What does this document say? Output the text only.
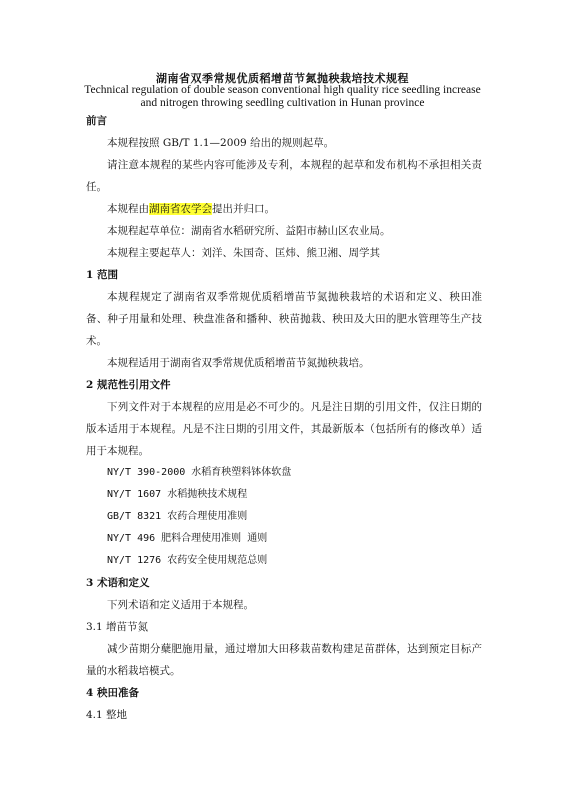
湖南省双季常规优质稻增苗节氮抛秧栽培技术规程
Technical regulation of double season conventional high quality rice seedling increase and nitrogen throwing seedling cultivation in Hunan province

前言

本规程按照 GB/T 1.1—2009 给出的规则起草。

请注意本规程的某些内容可能涉及专利，本规程的起草和发布机构不承担相关责任。

本规程由湖南省农学会提出并归口。

本规程起草单位：湖南省水稻研究所、益阳市赫山区农业局。

本规程主要起草人：刘洋、朱国奇、匡炜、熊卫湘、周学其

1 范围

本规程规定了湖南省双季常规优质稻增苗节氮抛秧栽培的术语和定义、秧田准备、种子用量和处理、秧盘准备和播种、秧苗抛栽、秧田及大田的肥水管理等生产技术。

本规程适用于湖南省双季常规优质稻增苗节氮抛秧栽培。

2 规范性引用文件

下列文件对于本规程的应用是必不可少的。凡是注日期的引用文件，仅注日期的版本适用于本规程。凡是不注日期的引用文件，其最新版本（包括所有的修改单）适用于本规程。

NY/T 390-2000 水稻育秧塑料钵体软盘

NY/T 1607 水稻抛秧技术规程

GB/T 8321 农药合理使用准则

NY/T 496 肥料合理使用准则 通则

NY/T 1276 农药安全使用规范总则

3 术语和定义

下列术语和定义适用于本规程。

3.1 增苗节氮

减少苗期分蘖肥施用量，通过增加大田移栽苗数构建足苗群体，达到预定目标产量的水稻栽培模式。

4 秧田准备

4.1 整地
